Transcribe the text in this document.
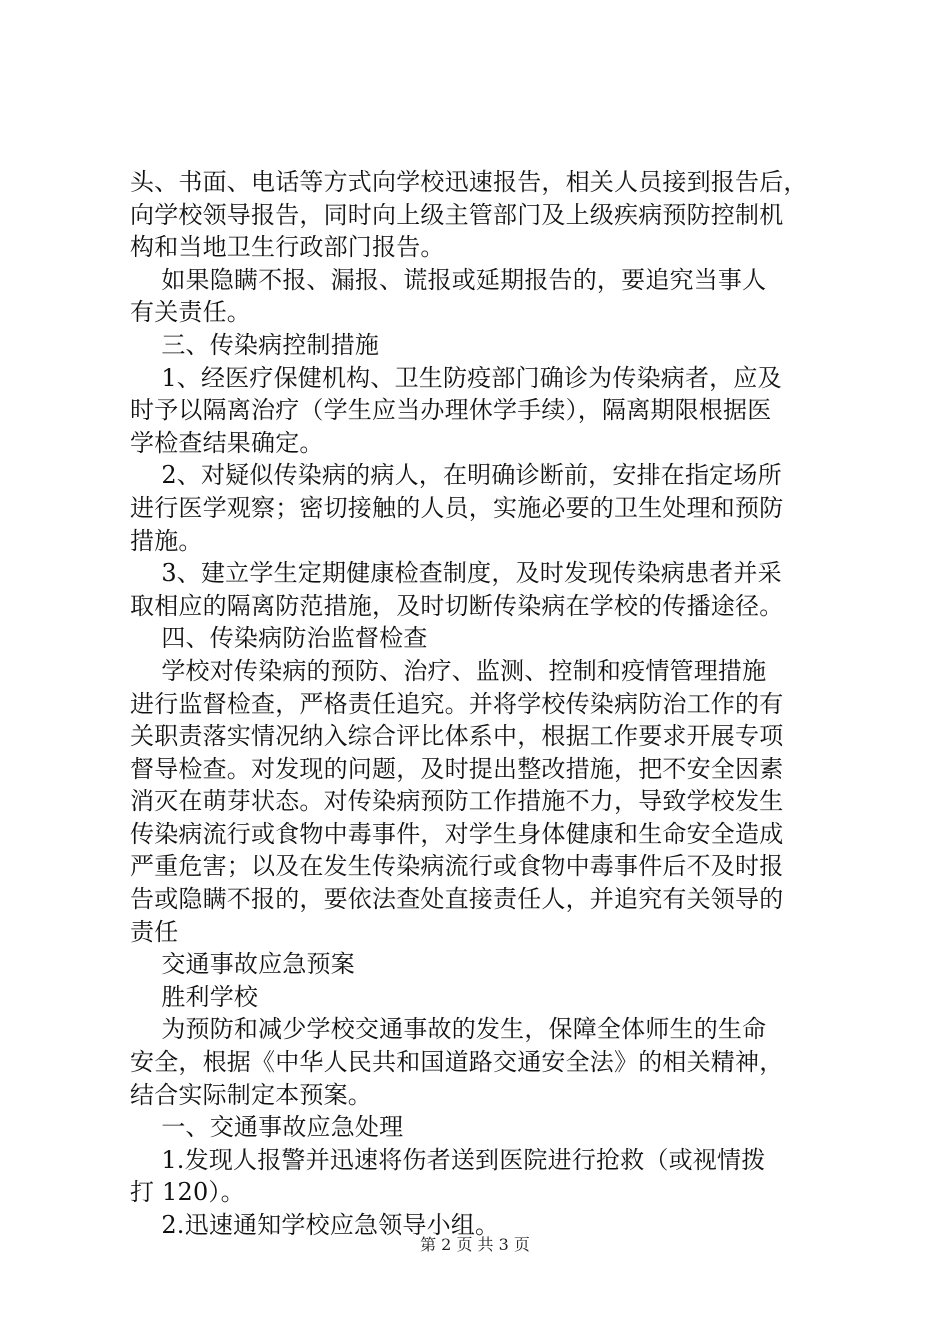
头、书面、电话等方式向学校迅速报告，相关人员接到报告后，
向学校领导报告，同时向上级主管部门及上级疾病预防控制机
构和当地卫生行政部门报告。
如果隐瞒不报、漏报、谎报或延期报告的，要追究当事人
有关责任。
三、传染病控制措施
1、经医疗保健机构、卫生防疫部门确诊为传染病者，应及
时予以隔离治疗（学生应当办理休学手续），隔离期限根据医
学检查结果确定。
2、对疑似传染病的病人，在明确诊断前，安排在指定场所
进行医学观察；密切接触的人员，实施必要的卫生处理和预防
措施。
3、建立学生定期健康检查制度，及时发现传染病患者并采
取相应的隔离防范措施，及时切断传染病在学校的传播途径。
四、传染病防治监督检查
学校对传染病的预防、治疗、监测、控制和疫情管理措施
进行监督检查，严格责任追究。并将学校传染病防治工作的有
关职责落实情况纳入综合评比体系中，根据工作要求开展专项
督导检查。对发现的问题，及时提出整改措施，把不安全因素
消灭在萌芽状态。对传染病预防工作措施不力，导致学校发生
传染病流行或食物中毒事件，对学生身体健康和生命安全造成
严重危害；以及在发生传染病流行或食物中毒事件后不及时报
告或隐瞒不报的，要依法查处直接责任人，并追究有关领导的
责任
交通事故应急预案
胜利学校
为预防和减少学校交通事故的发生，保障全体师生的生命
安全，根据《中华人民共和国道路交通安全法》的相关精神，
结合实际制定本预案。
一、交通事故应急处理
1.发现人报警并迅速将伤者送到医院进行抢救（或视情拨
打 120）。
2.迅速通知学校应急领导小组。
第 2 页 共 3 页
